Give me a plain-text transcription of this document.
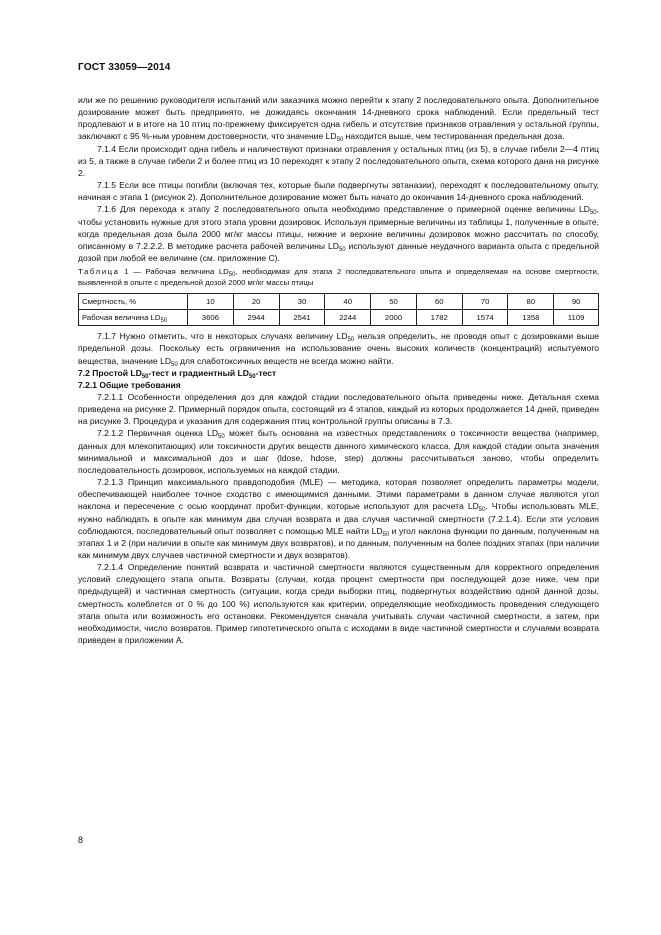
ГОСТ 33059—2014

или же по решению руководителя испытаний или заказчика можно перейти к этапу 2 последовательного опыта. Дополнительное дозирование может быть предпринято, не дожидаясь окончания 14-дневного срока наблюдений. Если предельный тест продлевают и в итоге на 10 птиц по-прежнему фиксируется одна гибель и отсутствие признаков отравления у остальной группы, заключают с 95 %-ным уровнем достоверности, что значение $LD_{50}$ находится выше, чем тестированная предельная доза.

7.1.4 Если происходит одна гибель и наличествуют признаки отравления у остальных птиц (из 5), в случае гибели 2—4 птиц из 5, а также в случае гибели 2 и более птиц из 10 переходят к этапу 2 последовательного опыта, схема которого дана на рисунке 2.

7.1.5 Если все птицы погибли (включая тех, которые были подвергнуты эвтаназии), переходят к последовательному опыту, начиная с этапа 1 (рисунок 2). Дополнительное дозирование может быть начато до окончания 14-дневного срока наблюдений.

7.1.6 Для перехода к этапу 2 последовательного опыта необходимо представление о примерной оценке величины $LD_{50}$, чтобы установить нужные для этого этапа уровни дозировок. Используя примерные величины из таблицы 1, полученные в опыте, когда предельная доза была 2000 мг/кг массы птицы, нижние и верхние величины дозировок можно рассчитать по способу, описанному в 7.2.2.2. В методике расчета рабочей величины $LD_{50}$ используют данные неудачного варианта опыта с предельной дозой при любой ее величине (см. приложение С).

Таблица 1 — Рабочая величина $LD_{50}$, необходимая для этапа 2 последовательного опыта и определяемая на основе смертности, выявленной в опыте с предельной дозой 2000 мг/кг массы птицы
Смертность, %	10	20	30	40	50	60	70	80	90
Рабочая величина $LD_{50}$	3606	2944	2541	2244	2000	1782	1574	1358	1109

7.1.7 Нужно отметить, что в некоторых случаях величину $LD_{50}$ нельзя определить, не проводя опыт с дозировками выше предельной дозы. Поскольку есть ограничения на использование очень высоких количеств (концентраций) испытуемого вещества, значение $LD_{50}$ для слаботоксичных веществ не всегда можно найти.

7.2 Простой $LD_{50}$-тест и градиентный $LD_{50}$-тест

7.2.1 Общие требования

7.2.1.1 Особенности определения доз для каждой стадии последовательного опыта приведены ниже. Детальная схема приведена на рисунке 2. Примерный порядок опыта, состоящий из 4 этапов, каждый из которых продолжается 14 дней, приведен на рисунке 3. Процедура и указания для содержания птиц контрольной группы описаны в 7.3.

7.2.1.2 Первичная оценка $LD_{50}$ может быть основана на известных представлениях о токсичности вещества (например, данных для млекопитающих) или токсичности других веществ данного химического класса. Для каждой стадии опыта значения минимальной и максимальной доз и шаг (ldose, hdose, step) должны рассчитываться заново, чтобы определить последовательность дозировок, используемых на каждой стадии.

7.2.1.3 Принцип максимального правдоподобия (MLE) — методика, которая позволяет определить параметры модели, обеспечивающей наиболее точное сходство с имеющимися данными. Этими параметрами в данном случае являются угол наклона и пересечение с осью координат пробит-функции, которые используют для расчета $LD_{50}$. Чтобы использовать MLE, нужно наблюдать в опыте как минимум два случая возврата и два случая частичной смертности (7.2.1.4). Если эти условия соблюдаются, последовательный опыт позволяет с помощью MLE найти $LD_{50}$ и угол наклона функции по данным, полученным на этапах 1 и 2 (при наличии в опыте как минимум двух возвратов), и по данным, полученным на более поздних этапах (при наличии как минимум двух случаев частичной смертности и двух возвратов).

7.2.1.4 Определение понятий возврата и частичной смертности являются существенным для корректного определения условий следующего этапа опыта. Возвраты (случаи, когда процент смертности при последующей дозе ниже, чем при предыдущей) и частичная смертность (ситуации, когда среди выборки птиц, подвергнутых воздействию одной данной дозы, смертность колеблется от 0 % до 100 %) используются как критерии, определяющие необходимость проведения следующего этапа опыта или возможность его остановки. Рекомендуется сначала учитывать случаи частичной смертности, а затем, при необходимости, число возвратов. Пример гипотетического опыта с исходами в виде частичной смертности и случаями возврата приведен в приложении А.

8
